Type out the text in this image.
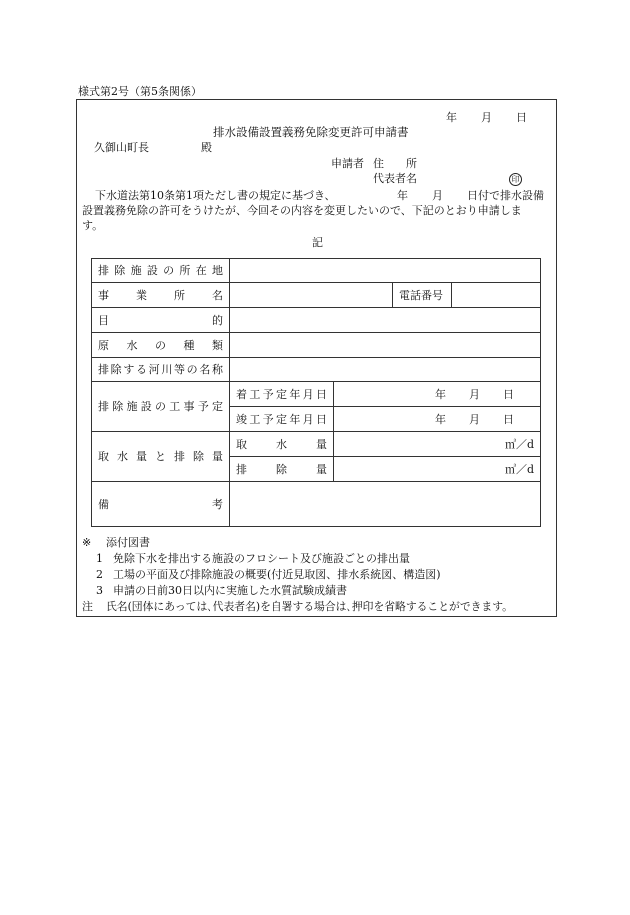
様式第2号（第5条関係）
年 月 日
排水設備設置義務免除変更許可申請書
久御山町長	殿
申請者 住　　所
代表者名	印
下水道法第10条第1項ただし書の規定に基づき、	年 月 日付で排水設備
設置義務免除の許可をうけたが、今回その内容を変更したいので、下記のとおり申請しま
す。
記
排除施設の所在地				
事業所名			電話番号	
目的				
原水の種類				
排除する河川等の名称				
排除施設の工事予定	着工予定年月日	年 月 日		
	竣工予定年月日	年 月 日		
取水量と排除量	取水量	㎥／d		
	排除量	㎥／d		
備考				
※ 添付図書
1 免除下水を排出する施設のフロシート及び施設ごとの排出量
2 工場の平面及び排除施設の概要(付近見取図、排水系統図、構造図)
3 申請の日前30日以内に実施した水質試験成績書
注 氏名(団体にあっては､代表者名)を自署する場合は､押印を省略することができます。
